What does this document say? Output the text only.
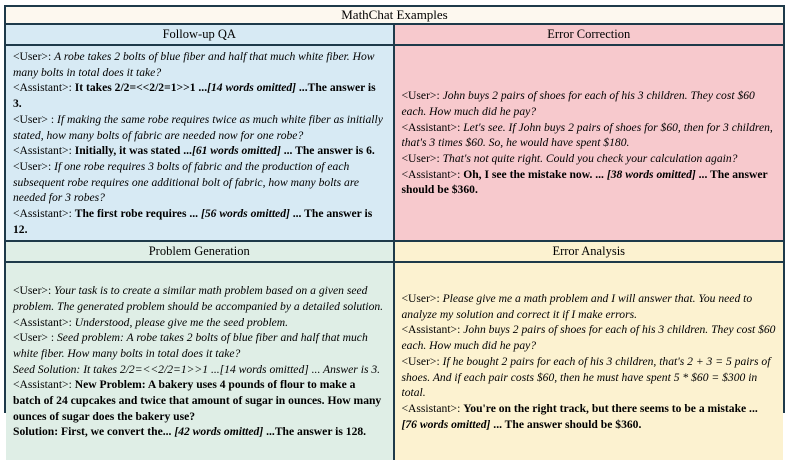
MathChat Examples
Follow-up QA
<User>: A robe takes 2 bolts of blue fiber and half that much white fiber. How many bolts in total does it take?
<Assistant>: It takes 2/2=<<2/2=1>>1 ...[14 words omitted] ...The answer is 3.
<User> : If making the same robe requires twice as much white fiber as initially stated, how many bolts of fabric are needed now for one robe?
<Assistant>: Initially, it was stated ...[61 words omitted] ... The answer is 6.
<User>: If one robe requires 3 bolts of fabric and the production of each subsequent robe requires one additional bolt of fabric, how many bolts are needed for 3 robes?
<Assistant>: The first robe requires ... [56 words omitted] ... The answer is 12.
Error Correction
<User>: John buys 2 pairs of shoes for each of his 3 children. They cost $60 each. How much did he pay?
<Assistant>: Let's see. If John buys 2 pairs of shoes for $60, then for 3 children, that's 3 times $60. So, he would have spent $180.
<User>: That's not quite right. Could you check your calculation again?
<Assistant>: Oh, I see the mistake now. ... [38 words omitted] ... The answer should be $360.
Problem Generation
<User>: Your task is to create a similar math problem based on a given seed problem. The generated problem should be accompanied by a detailed solution.
<Assistant>: Understood, please give me the seed problem.
<User> : Seed problem: A robe takes 2 bolts of blue fiber and half that much white fiber. How many bolts in total does it take?
Seed Solution: It takes 2/2=<<2/2=1>>1 ...[14 words omitted] ... Answer is 3.
<Assistant>: New Problem: A bakery uses 4 pounds of flour to make a batch of 24 cupcakes and twice that amount of sugar in ounces. How many ounces of sugar does the bakery use?
Solution: First, we convert the... [42 words omitted] ...The answer is 128.
Error Analysis
<User>: Please give me a math problem and I will answer that. You need to analyze my solution and correct it if I make errors.
<Assistant>: John buys 2 pairs of shoes for each of his 3 children. They cost $60 each. How much did he pay?
<User>: If he bought 2 pairs for each of his 3 children, that's 2 + 3 = 5 pairs of shoes. And if each pair costs $60, then he must have spent 5 * $60 = $300 in total.
<Assistant>: You're on the right track, but there seems to be a mistake ... [76 words omitted] ... The answer should be $360.
